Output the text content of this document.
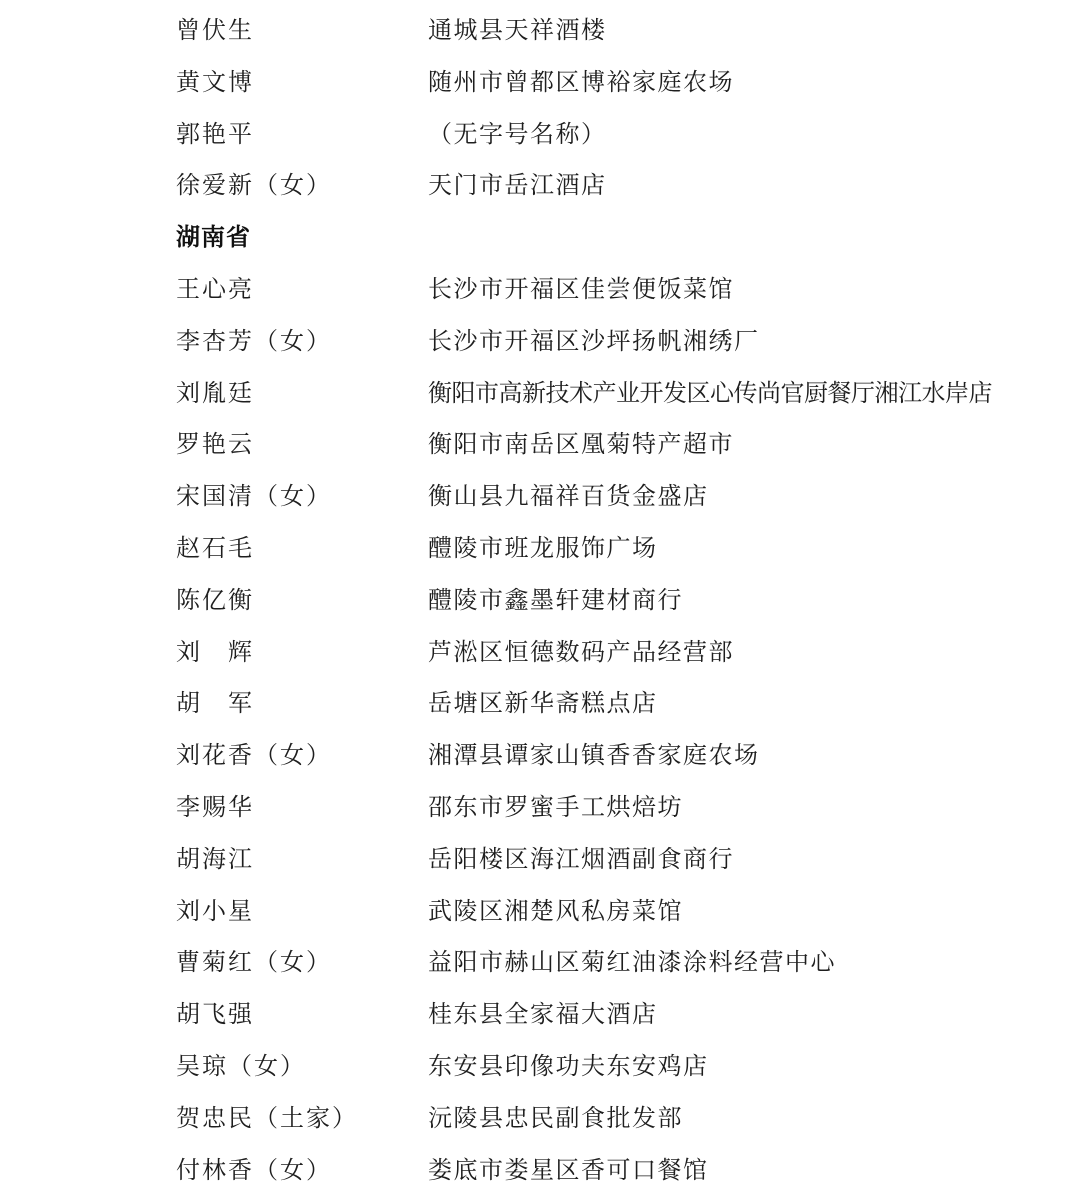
曾伏生	通城县天祥酒楼
黄文博	随州市曾都区博裕家庭农场
郭艳平	（无字号名称）
徐爱新（女）	天门市岳江酒店
湖南省
王心亮	长沙市开福区佳尝便饭菜馆
李杏芳（女）	长沙市开福区沙坪扬帆湘绣厂
刘胤廷	衡阳市高新技术产业开发区心传尚官厨餐厅湘江水岸店
罗艳云	衡阳市南岳区凰菊特产超市
宋国清（女）	衡山县九福祥百货金盛店
赵石毛	醴陵市班龙服饰广场
陈亿衡	醴陵市鑫墨轩建材商行
刘　辉	芦淞区恒德数码产品经营部
胡　军	岳塘区新华斋糕点店
刘花香（女）	湘潭县谭家山镇香香家庭农场
李赐华	邵东市罗蜜手工烘焙坊
胡海江	岳阳楼区海江烟酒副食商行
刘小星	武陵区湘楚风私房菜馆
曹菊红（女）	益阳市赫山区菊红油漆涂料经营中心
胡飞强	桂东县全家福大酒店
吴琼（女）	东安县印像功夫东安鸡店
贺忠民（土家）	沅陵县忠民副食批发部
付林香（女）	娄底市娄星区香可口餐馆
